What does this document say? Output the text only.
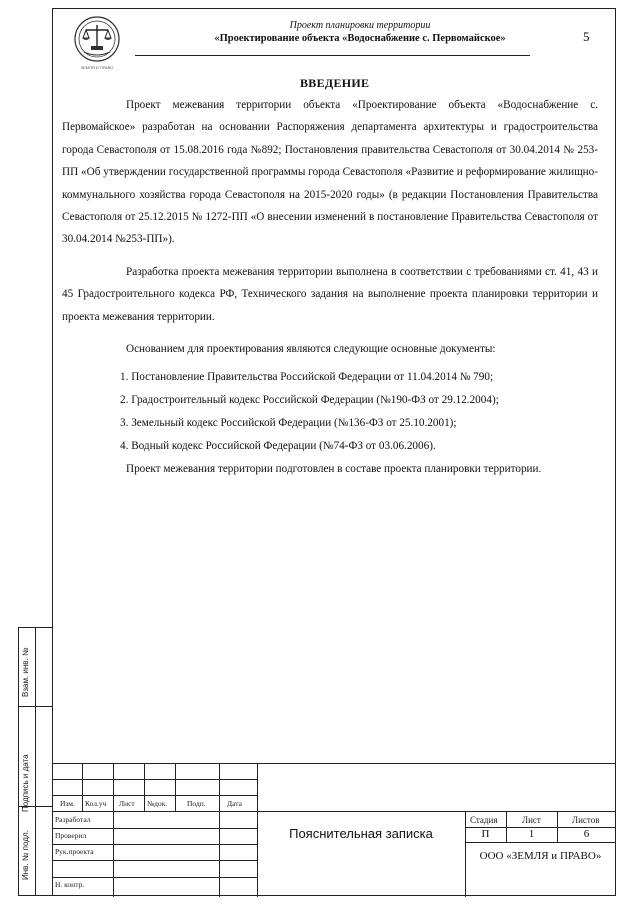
Взам. инв. №
Подпись и дата
Инв. № подл.
ЗЕМЛЯ И ПРАВО
Проект планировки территории
«Проектирование объекта «Водоснабжение с. Первомайское»	5
ВВЕДЕНИЕ

Проект межевания территории объекта «Проектирование объекта «Водоснабжение с. Первомайское» разработан на основании Распоряжения департамента архитектуры и градостроительства города Севастополя от 15.08.2016 года №892; Постановления правительства Севастополя от 30.04.2014 № 253-ПП «Об утверждении государственной программы города Севастополя «Развитие и реформирование жилищно-коммунального хозяйства города Севастополя на 2015-2020 годы» (в редакции Постановления Правительства Севастополя от 25.12.2015 № 1272-ПП «О внесении изменений в постановление Правительства Севастополя от 30.04.2014 №253-ПП»).

Разработка проекта межевания территории выполнена в соответствии с требованиями ст. 41, 43 и 45 Градостроительного кодекса РФ, Технического задания на выполнение проекта планировки территории и проекта межевания территории.

Основанием для проектирования являются следующие основные документы:

1. Постановление Правительства Российской Федерации от 11.04.2014 № 790;
2. Градостроительный кодекс Российской Федерации (№190-ФЗ от 29.12.2004);
3. Земельный кодекс Российской Федерации (№136-ФЗ от 25.10.2001);
4. Водный кодекс Российской Федерации (№74-ФЗ от 03.06.2006).

Проект межевания территории подготовлен в составе проекта планировки территории.

Изм. Кол.уч Лист №док.	Подп.	Дата
Разработал
Проверил
Рук.проекта
Н. контр.
Пояснительная записка
Стадия	Лист	Листов
П	1	6
ООО «ЗЕМЛЯ и ПРАВО»
